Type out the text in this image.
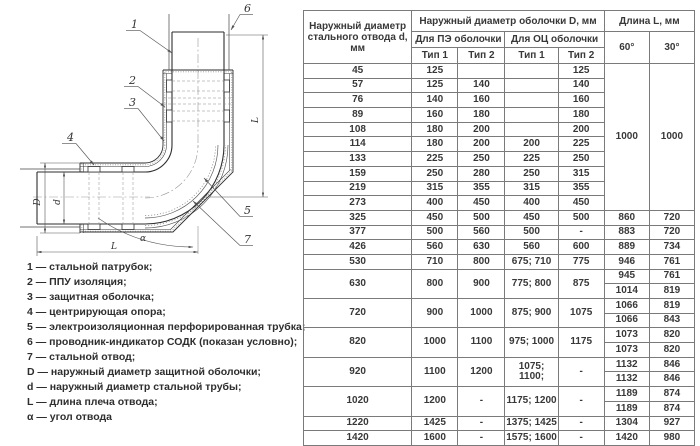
L
L
D d
α
1
2
3
4
5
6
7
1 — стальной патрубок;
2 — ППУ изоляция;
3 — защитная оболочка;
4 — центрирующая опора;
5 — электроизоляционная перфорированная трубка;
6 — проводник-индикатор СОДК (показан условно);
7 — стальной отвод;
D — наружный диаметр защитной оболочки;
d — наружный диаметр стальной трубы;
L — длина плеча отвода;
α — угол отвода
Наружный диаметр стального отвода d, мм	Наружный диаметр оболочки D, мм				Длина L, мм	
	Для ПЭ оболочки		Для ОЦ оболочки		60°	30°
	Тип 1	Тип 2	Тип 1	Тип 2		
45	125			125	1000	1000
57	125	140		140		
76	140	160		160		
89	160	180		180		
108	180	200		200		
114	180	200	200	225		
133	225	250	225	250		
159	250	280	250	315		
219	315	355	315	355		
273	400	450	400	450		
325	450	500	450	500	860	720
377	500	560	500	-	883	720
426	560	630	560	600	889	734
530	710	800	675; 710	775	946	761
630	800	900	775; 800	875	945	761
					1014	819
720	900	1000	875; 900	1075	1066	819
					1066	843
820	1000	1100	975; 1000	1175	1073	820
					1073	820
920	1100	1200	1075; 1100;	-	1132	846
					1132	846
1020	1200	-	1175; 1200	-	1189	874
					1189	874
1220	1425	-	1375; 1425	-	1304	927
1420	1600	-	1575; 1600	-	1420	980
